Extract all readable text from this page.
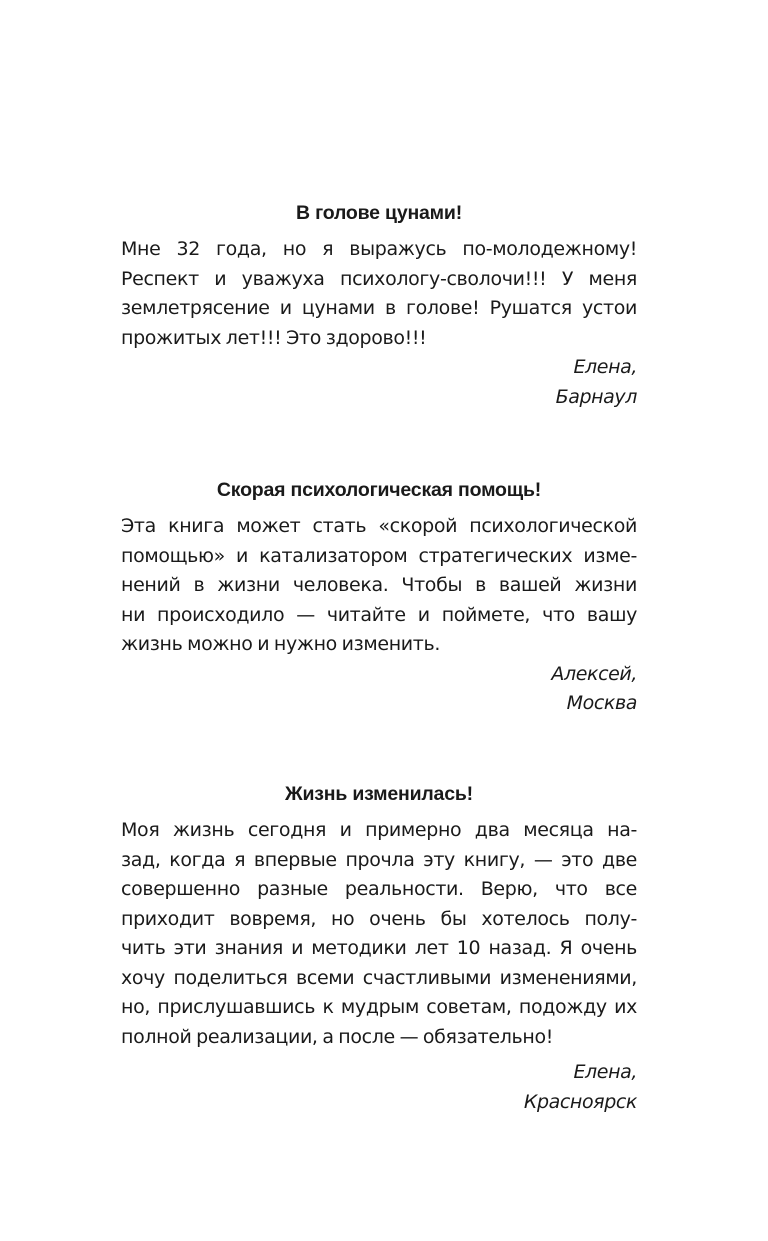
В голове цунами!
Мне 32 года, но я выражусь по-молодежному!
Респект и уважуха психологу-сволочи!!! У меня
землетрясение и цунами в голове! Рушатся устои
прожитых лет!!! Это здорово!!!
Елена,
Барнаул
Скорая психологическая помощь!
Эта книга может стать «скорой психологической
помощью» и катализатором стратегических изме-
нений в жизни человека. Чтобы в вашей жизни
ни происходило — читайте и поймете, что вашу
жизнь можно и нужно изменить.
Алексей,
Москва
Жизнь изменилась!
Моя жизнь сегодня и примерно два месяца на-
зад, когда я впервые прочла эту книгу, — это две
совершенно разные реальности. Верю, что все
приходит вовремя, но очень бы хотелось полу-
чить эти знания и методики лет 10 назад. Я очень
хочу поделиться всеми счастливыми изменениями,
но, прислушавшись к мудрым советам, подожду их
полной реализации, а после — обязательно!
Елена,
Красноярск
